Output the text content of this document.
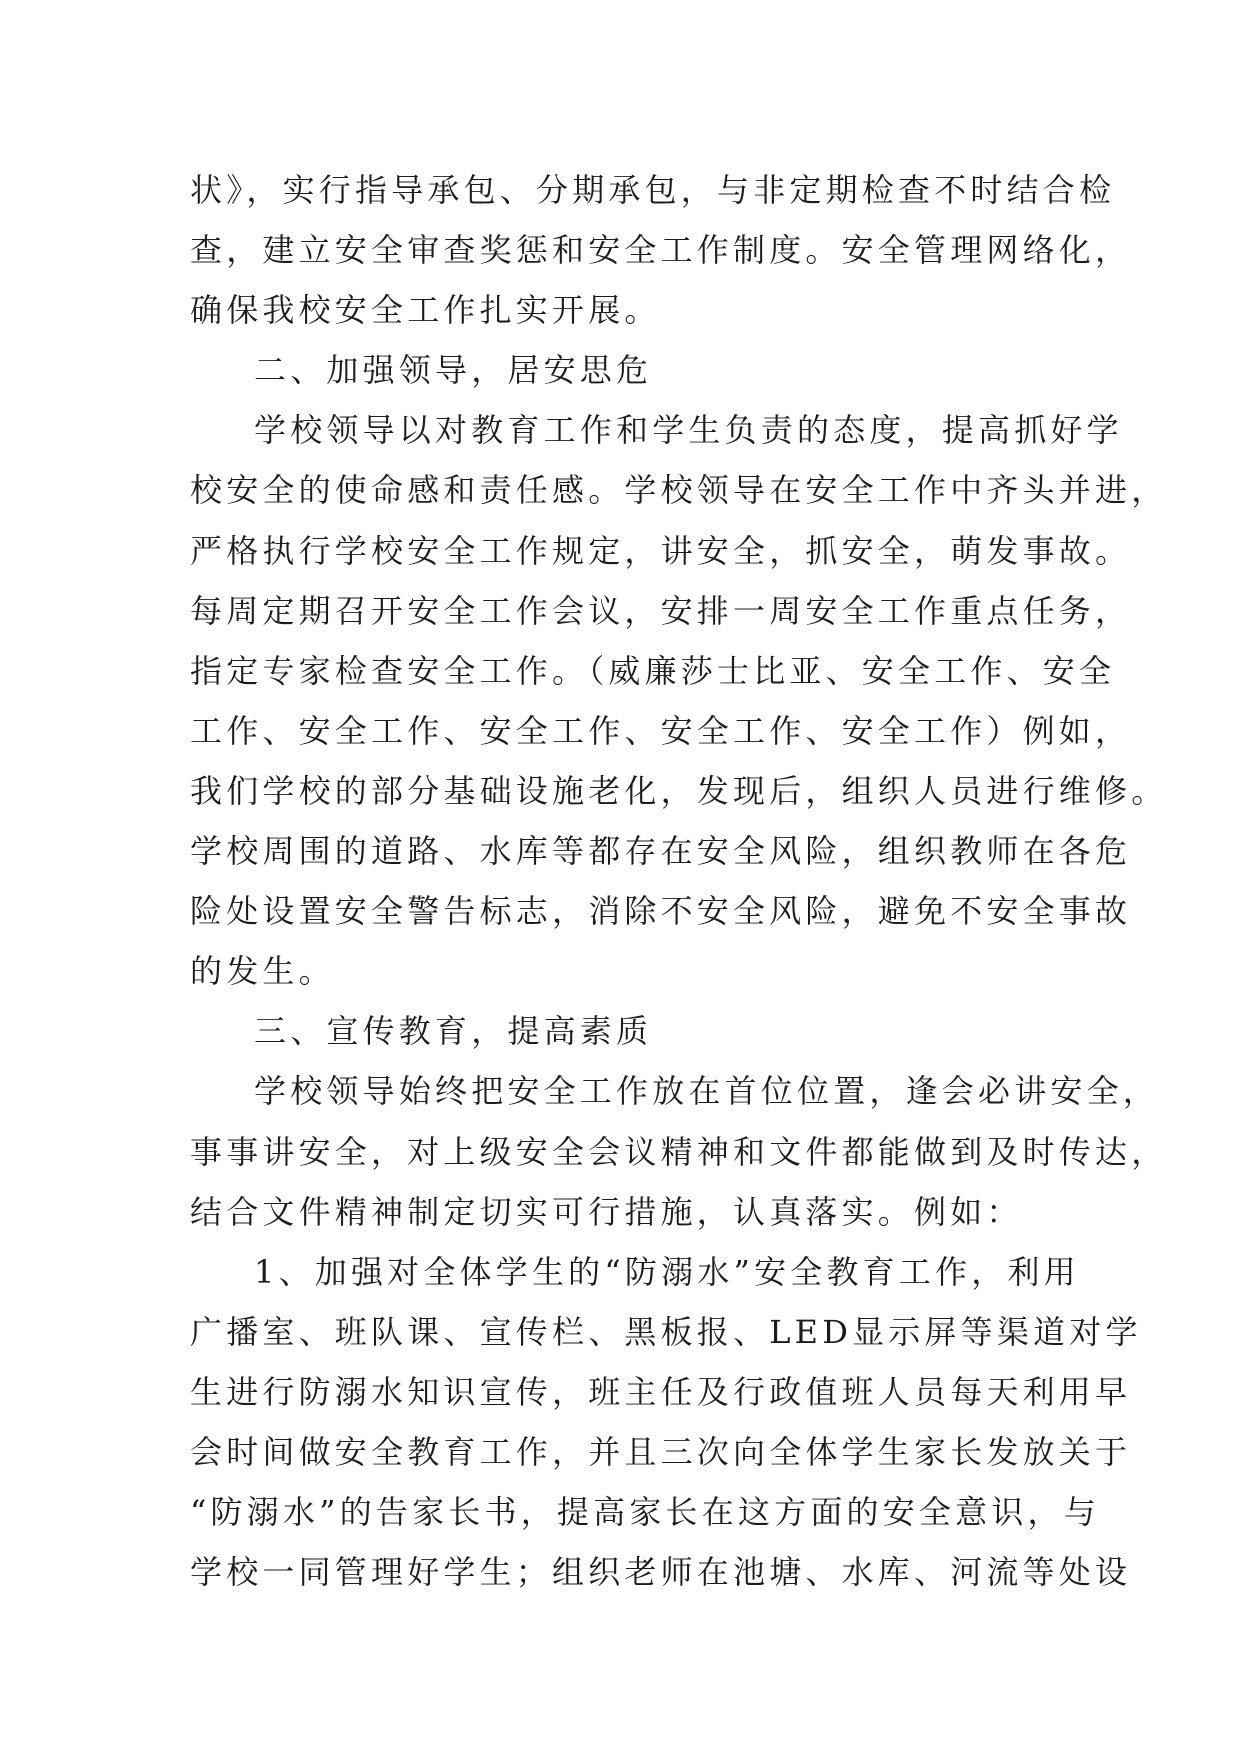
状》，实行指导承包、分期承包，与非定期检查不时结合检
查，建立安全审查奖惩和安全工作制度。安全管理网络化，
确保我校安全工作扎实开展。
二、加强领导，居安思危
学校领导以对教育工作和学生负责的态度，提高抓好学
校安全的使命感和责任感。学校领导在安全工作中齐头并进，
严格执行学校安全工作规定，讲安全，抓安全，萌发事故。
每周定期召开安全工作会议，安排一周安全工作重点任务，
指定专家检查安全工作。（威廉莎士比亚、安全工作、安全
工作、安全工作、安全工作、安全工作、安全工作）例如，
我们学校的部分基础设施老化，发现后，组织人员进行维修。
学校周围的道路、水库等都存在安全风险，组织教师在各危
险处设置安全警告标志，消除不安全风险，避免不安全事故
的发生。
三、宣传教育，提高素质
学校领导始终把安全工作放在首位位置，逢会必讲安全，
事事讲安全，对上级安全会议精神和文件都能做到及时传达，
结合文件精神制定切实可行措施，认真落实。例如：
1、加强对全体学生的“防溺水”安全教育工作，利用
广播室、班队课、宣传栏、黑板报、LED显示屏等渠道对学
生进行防溺水知识宣传，班主任及行政值班人员每天利用早
会时间做安全教育工作，并且三次向全体学生家长发放关于
“防溺水”的告家长书，提高家长在这方面的安全意识，与
学校一同管理好学生；组织老师在池塘、水库、河流等处设
